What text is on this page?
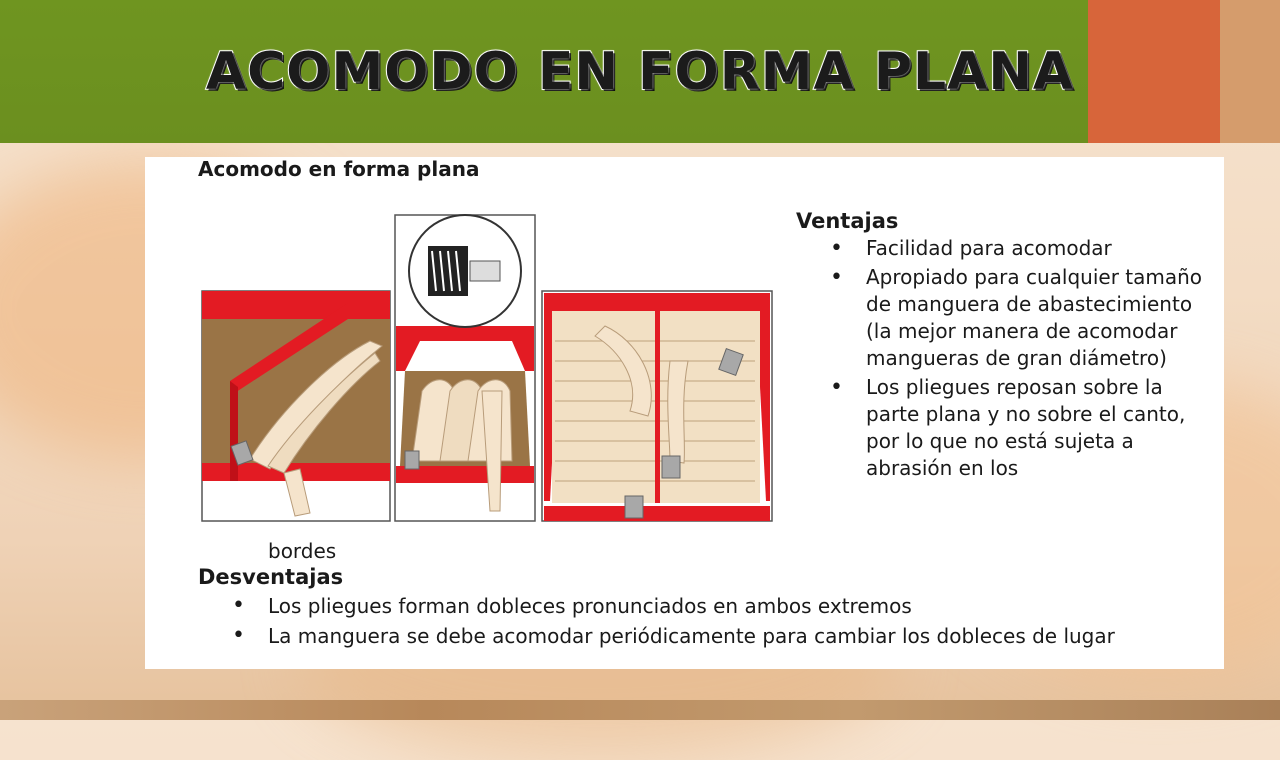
ACOMODO EN FORMA PLANA
Acomodo en forma plana
Ventajas
• Facilidad para acomodar
• Apropiado para cualquier tamaño de manguera de abastecimiento (la mejor manera de acomodar mangueras de gran diámetro)
• Los pliegues reposan sobre la parte plana y no sobre el canto, por lo que no está sujeta a abrasión en los
bordes
Desventajas
• Los pliegues forman dobleces pronunciados en ambos extremos
• La manguera se debe acomodar periódicamente para cambiar los dobleces de lugar
